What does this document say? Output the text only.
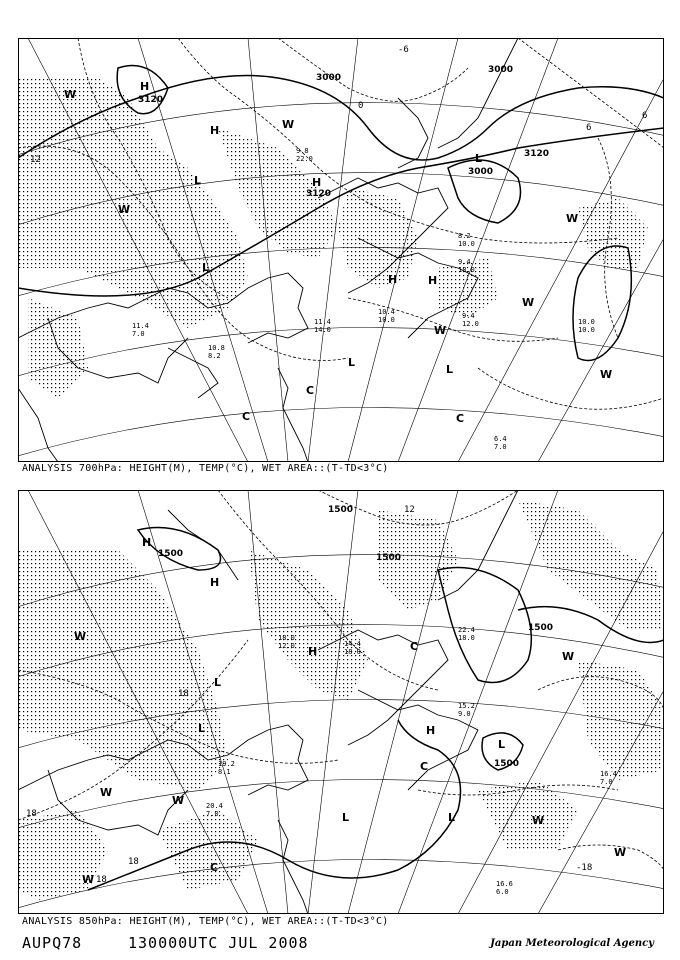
3000
3120
3000
3120
3120
3000
H
L
H
L	H
L
H
H
L
L
C
C	C
W
W
W
W
W
W
W
12
6
6
-6
0
9.8 22.0
11.4 7.0
10.8 8.2
11.4 14.0
10.4 10.0	9.4 12.0	10.0 10.0
6.4 7.0
9.4 18.0
8.2 10.0
ANALYSIS 700hPa: HEIGHT(M), TEMP(°C), WET AREA::(T-TD<3°C)
1500	1500
1500
1500
1500
H
L
H
H
L	H
L
C
C
C
W
W
W
W
W
W
W
L	L
18
18
18
18
-18
12
14.4 18.0
20.4 7.0
19.2 8.1
18.0 12.0
16.6 6.0
16.4 7.0
22.4 18.0
15.2 9.0
ANALYSIS 850hPa: HEIGHT(M), TEMP(°C), WET AREA::(T-TD<3°C)
AUPQ78	130000UTC JUL 2008	Japan Meteorological Agency
